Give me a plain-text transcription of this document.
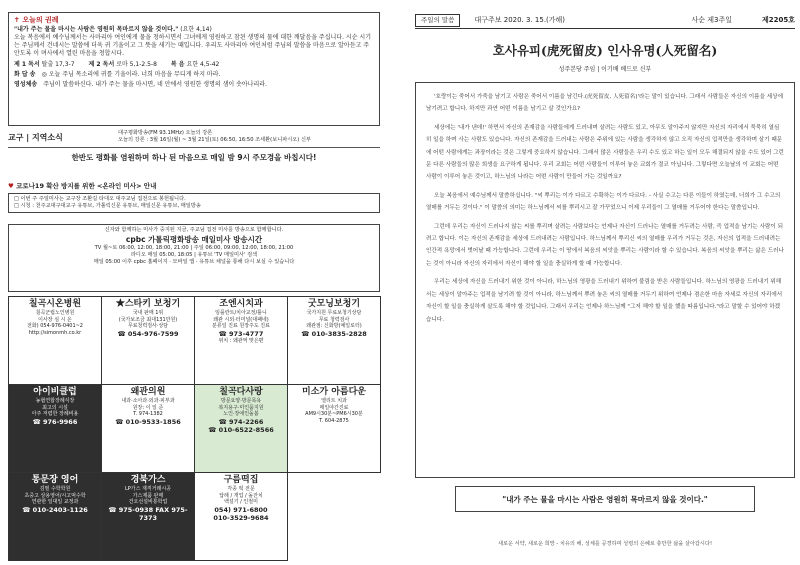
✝ 오늘의 권례
"내가 주는 물을 마시는 사람은 영원히 목마르지 않을 것이다." (요한 4,14)
오늘 복음에서 예수님께서는 사마리아 여인에게 물을 청하시면서 그녀에게 영원하고 참된 생명의 물에 대한 깨달음을 주십니다. 시순 시기는 주님께서 건네시는 말씀에 더욱 귀 기울이고 그 뜻을 새기는 때입니다. 우리도 사마리아 여인처럼 주님의 말씀을 마음으로 알아듣고 주 안도록 이 며사에서 열린 마음을 청합시다.
제 1 독서 탈출 17,3-7 제 2 독서 로마 5,1-2.5-8 복 음 요한 4,5-42
화 답 송 ◎ 오늘 주님 목소리에 귀를 기울이라. 너희 마음을 무디게 하지 마라.
영성체송 주님이 말씀하신다. 내가 주는 물을 마시면, 네 안에서 영원한 생명의 샘이 솟아나리라.
교구 | 지역소식	대구평화방송(FM 93.1MHz) 오늘의 강론
오늘의 강론 : 3월 16일(월) ~ 3월 21일(토) 06:50, 16:50 조세환(보니파시오) 신부
한반도 평화를 염원하며 하나 된 마음으로 매일 밤 9시 주모경을 바칩시다!
♥ 코로나19 확산 방지를 위한 <온라인 미사> 안내
□ 이번 주 주일미사는 교구장 조환길 타대오 대주교님 집전으로 봉헌됩니다.
□ 시청 : 천주교대구대교구 유튜브, 가톨릭신문 유튜브, 매일신문 유튜브, 매일방송
신자와 함께하는 미사가 중지된 지금, 주교님 집전 미사를 방송으로 함께합니다.
cpbc 가톨릭평화방송 매일미사 방송시간
TV 월~토 06:00, 12:00, 18:00, 21:00 | 주일 06:00, 09:00, 12:00, 18:00, 21:00
라디오 매일 05:00, 18:05 | 유튜브 'TV 매일미사' 검색
매일 05:00 이후 cpbc 홈페이지 · 모바일 앱 · 유튜브 채널을 통해 다시 보실 수 있습니다
칠곡시온병원
칠곡군립노인병원
이사장 심 시 온
전화) 054-976-0401~2
http://simonmh.co.kr
★스타키 보청기
국내 판매 1위
(국가보조금 최대131만원)
무료청력검사·상담
☎ 054-976-7599
조엔시치과
임플란트/치아교정/틀니
왜관 시외·터미널(대패네)
분류일 진료 원장주도 진료
☎ 973-4777
위치 : 왜관역 맞은편
굿모닝보청기
국가지원 무료보청기상담
무료 청력검사
왜관점: 신화방(예일로터)
☎ 010-3835-2828
아이비클럽
농협연합장례식장
최고의 시설
아주 저렴한 장례비용
☎ 976-9966
왜관의원
내과·소아과·외과·피부과
원장: 이 일 준
T. 974-1382
☎ 010-9533-1856
칠곡다사랑
방문요양·방문목욕
복지용구·미인품지원
노인·장애인돌봄
☎ 974-2266
☎ 010-6522-8566
미소가 아름다운
엘리트 치과
매일야간진료
AM9시30분~PM6시30분
T. 604-2875
통문장 영어
김필 수학학원
초중고 상용영어/시고먹수학
연관한 일대일 교정과
☎ 010-2403-1126
경북가스
LP가스 재직거래시공
가스제품 판매
건오선설비통학업
☎ 975-0938 FAX 975-7373
구름떡집
각종 떡 전문
답례 / 개업 / 돌잔치
백설기 / 인절미
054) 971-6800
010-3529-9684
주일의 말씀	대구주보 2020. 3. 15.(가해)	사순 제3주일	제2205호
호사유피(虎死留皮) 인사유명(人死留名)
성주본당 주임 | 이기배 베드로 신부

'호랑이는 죽어서 가죽을 남기고 사람은 죽어서 이름을 남긴다.(虎死留皮, 人死留名)'라는 말이 있습니다. 그래서 사람들은 자신의 이름을 세상에 남기려고 합니다. 하지만 과연 어떤 이름을 남기고 살 것인가요?

세상에는 '내가 낸데!' 하면서 자신의 존재감을 사람들에게 드러내며 살려는 사람도 있고, 아무도 알아주지 않지만 자신의 자리에서 묵묵히 열심히 일을 하며 사는 사람도 있습니다. 자신의 존재감을 드러내는 사람은 주위에 있는 사람을 생각하지 않고 오직 자신의 업적만을 생각하며 살기 때문에 어떤 사람에게는 과장이라는 것은 그렇게 중요하지 않습니다. 그래서 많은 사람들은 우리 수도 있고 하는 일이 모두 해결되지 않을 수도 있어 그런 문 다른 사람들의 많은 희생을 요구하게 됩니다. 우리 교회는 어떤 사람들이 이루어 놓은 교회가 결코 아닙니다. 그렇다면 오늘날의 이 교회는 어떤 사람이 이루어 놓은 것이고, 하느님의 나라는 어떤 사람이 만들어 가는 것일까요?

오늘 복음에서 예수님께서 말씀하십니다. "씨 뿌리는 이가 다르고 수확하는 이가 다르다. - 사실 수고는 다른 이들이 하였는데, 너희가 그 수고의 열매를 거두는 것이다." 이 말씀의 의미는 하느님께서 씨를 뿌리시고 잘 가꾸었으니 이제 우리들이 그 열매를 거두어야 한다는 말씀입니다.

그런데 우리는 자신이 드러나지 않는 씨를 뿌리며 살려는 사람보다는 언제나 자신이 드러나는 열매를 거두려는 사람, 즉 업적을 남기는 사람이 되려고 합니다. 이는 자신의 존재감을 세상에 드러내려는 사람입니다. 하느님께서 뿌리신 씨의 열매를 우리가 거두는 것은, 자신의 업적을 드러내려는 인간적 욕망에서 벗어날 때 가능합니다. 그런데 우리는 이 땅에서 복음의 씨앗을 뿌리는 사람이라 할 수 있습니다. 복음의 씨앗을 뿌리는 삶은 드러나는 것이 아니라 자신의 자리에서 자신이 해야 할 일을 충실하게 할 때 가능합니다.

우리는 세상에 자신을 드러내기 위한 것이 아니라, 하느님의 영광을 드러내기 위하여 불림을 받은 사람들입니다. 하느님의 영광을 드러내기 위해서는 세상이 알아주는 업적을 남기려 할 것이 아니라, 하느님께서 뿌려 놓은 씨의 열매를 거두기 위하여 언제나 겸손한 마음 자세로 자신의 자리에서 자신이 할 일을 충실하게 살도록 해야 할 것입니다. 그래서 우리는 언제나 하느님께 "그저 해야 할 일을 했을 따름입니다."라고 말할 수 있어야 하겠습니다.

"내가 주는 물을 마시는 사람은 영원히 목마르지 않을 것이다."
새로운 서약, 새로운 희망 - 치유의 해, 성체를 공경하며 성령의 은혜로 충만한 삶을 살아갑시다!
